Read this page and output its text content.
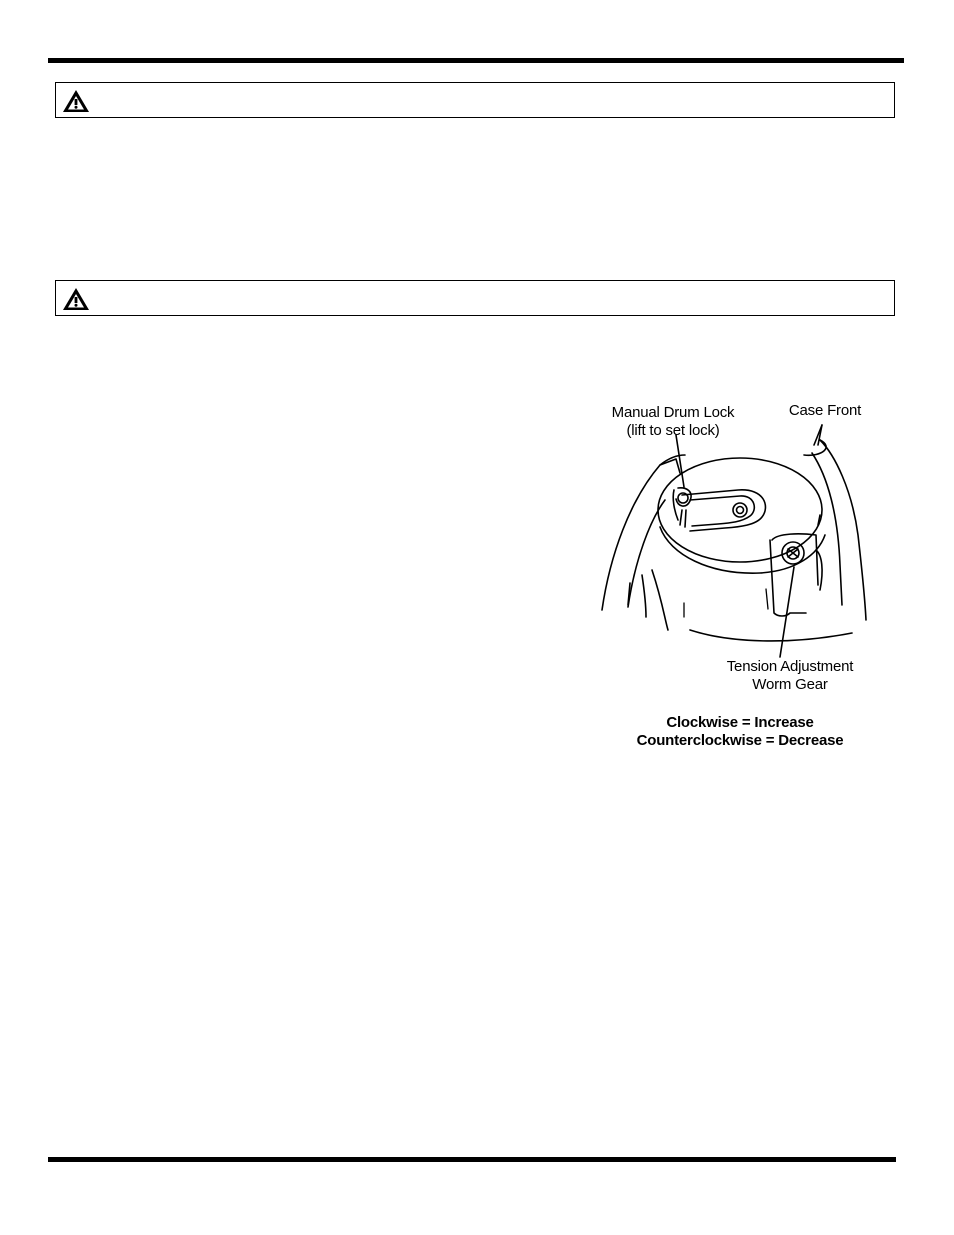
Manual Drum Lock
(lift to set lock)
Case Front
Tension Adjustment
Worm Gear
Clockwise = Increase
Counterclockwise = Decrease
